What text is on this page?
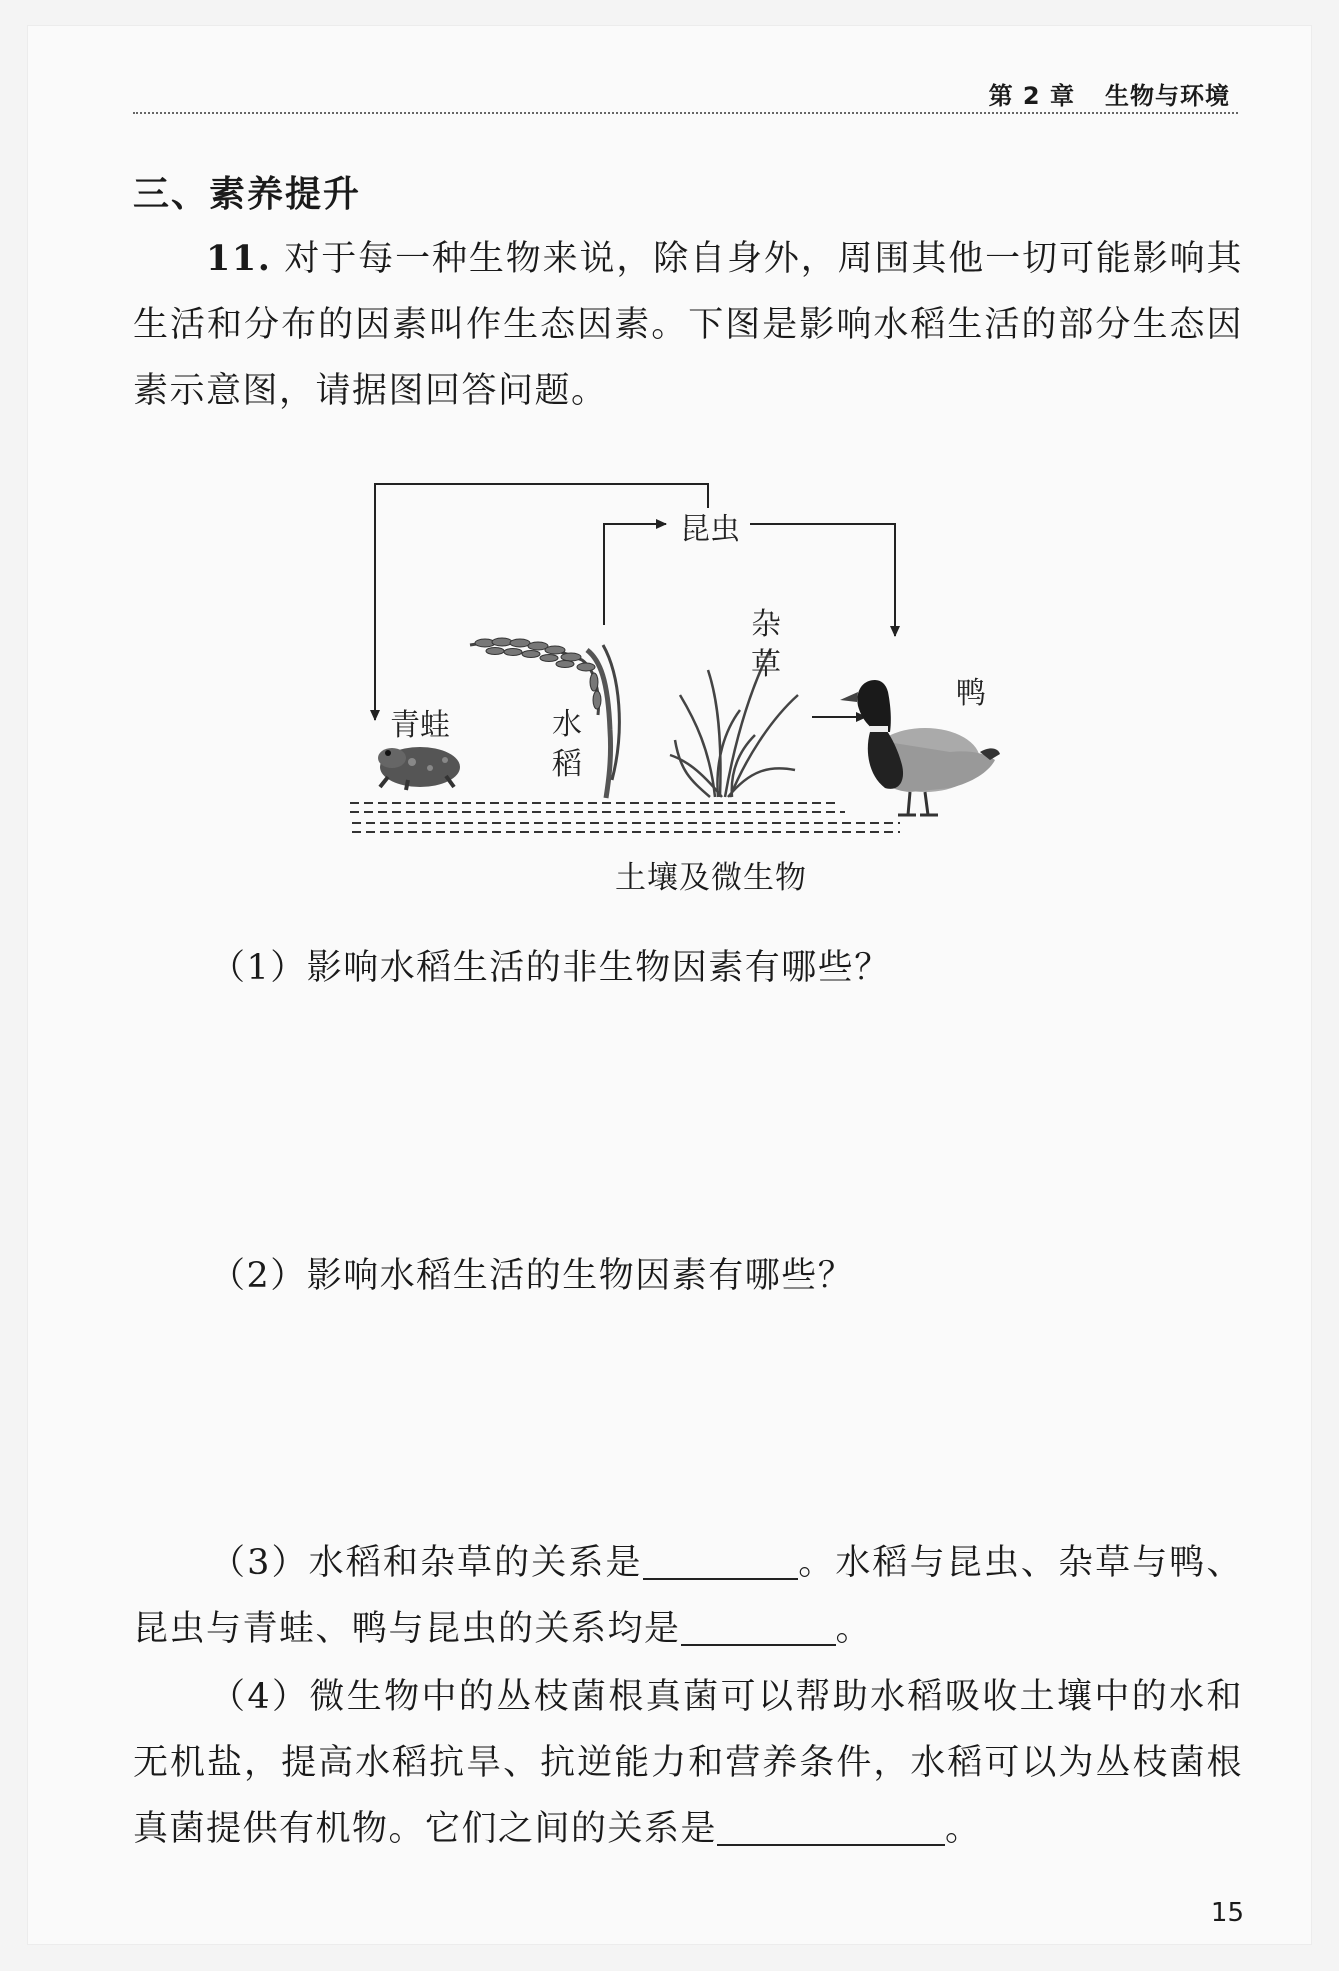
第 2 章 生物与环境
三、素养提升
11. 对于每一种生物来说，除自身外，周围其他一切可能影响其生活和分布的因素叫作生态因素。下图是影响水稻生活的部分生态因素示意图，请据图回答问题。
昆虫
青蛙	水稻
杂草
鸭
土壤及微生物
（1）影响水稻生活的非生物因素有哪些？
（2）影响水稻生活的生物因素有哪些？
（3）水稻和杂草的关系是	。水稻与昆虫、杂草与鸭、昆虫与青蛙、鸭与昆虫的关系均是	。
（4）微生物中的丛枝菌根真菌可以帮助水稻吸收土壤中的水和无机盐，提高水稻抗旱、抗逆能力和营养条件，水稻可以为丛枝菌根真菌提供有机物。它们之间的关系是	。
15
